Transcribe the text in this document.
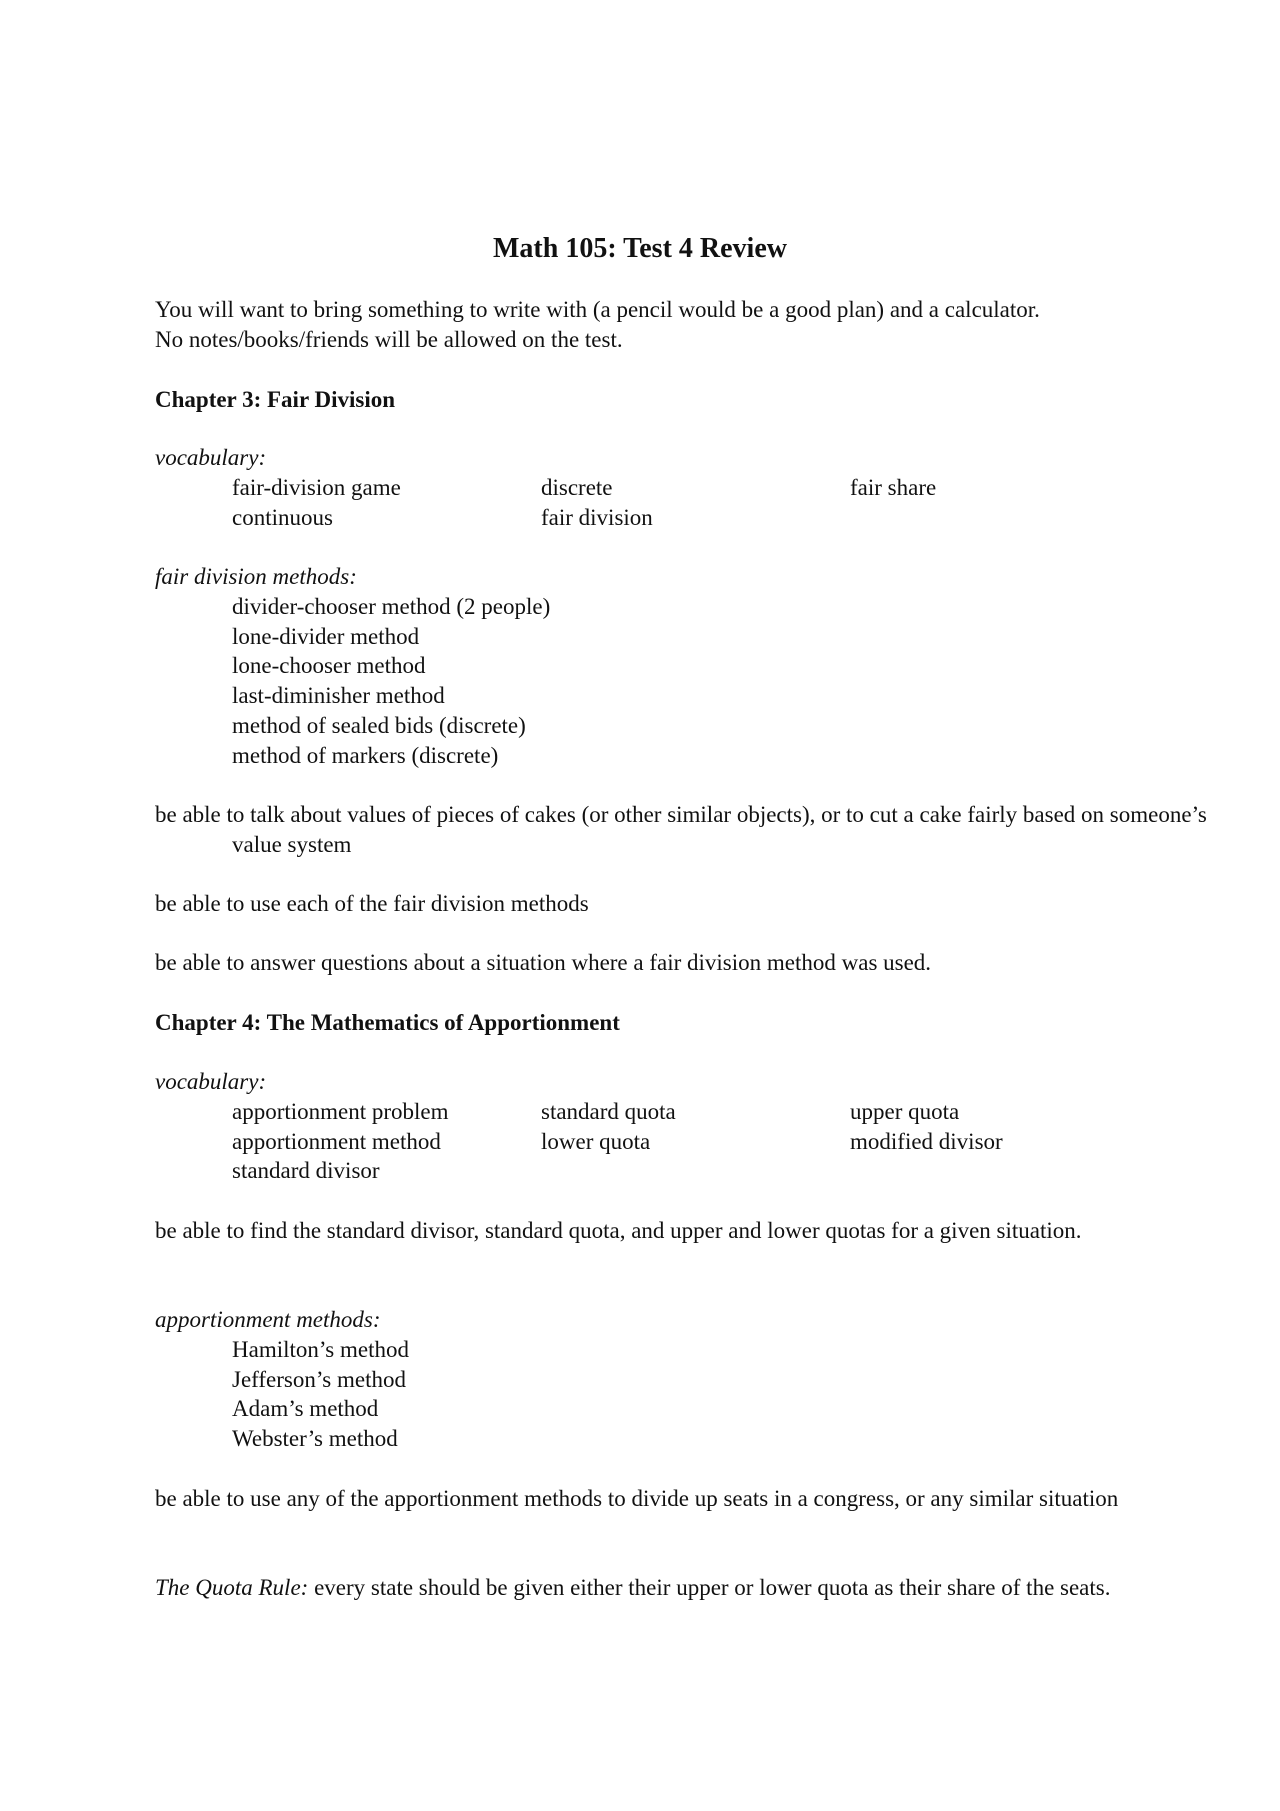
Math 105: Test 4 Review

You will want to bring something to write with (a pencil would be a good plan) and a calculator.
No notes/books/friends will be allowed on the test.

Chapter 3: Fair Division

vocabulary:

fair-division game	discrete	fair share
continuous	fair division

fair division methods:

divider-chooser method (2 people)
lone-divider method
lone-chooser method
last-diminisher method
method of sealed bids (discrete)
method of markers (discrete)

be able to talk about values of pieces of cakes (or other similar objects), or to cut a cake fairly based on someone’s value system

be able to use each of the fair division methods

be able to answer questions about a situation where a fair division method was used.

Chapter 4: The Mathematics of Apportionment

vocabulary:

apportionment problem	standard quota	upper quota
apportionment method	lower quota	modified divisor
standard divisor

be able to find the standard divisor, standard quota, and upper and lower quotas for a given situation.

apportionment methods:

Hamilton’s method
Jefferson’s method
Adam’s method
Webster’s method

be able to use any of the apportionment methods to divide up seats in a congress, or any similar situation

The Quota Rule: every state should be given either their upper or lower quota as their share of the seats.
